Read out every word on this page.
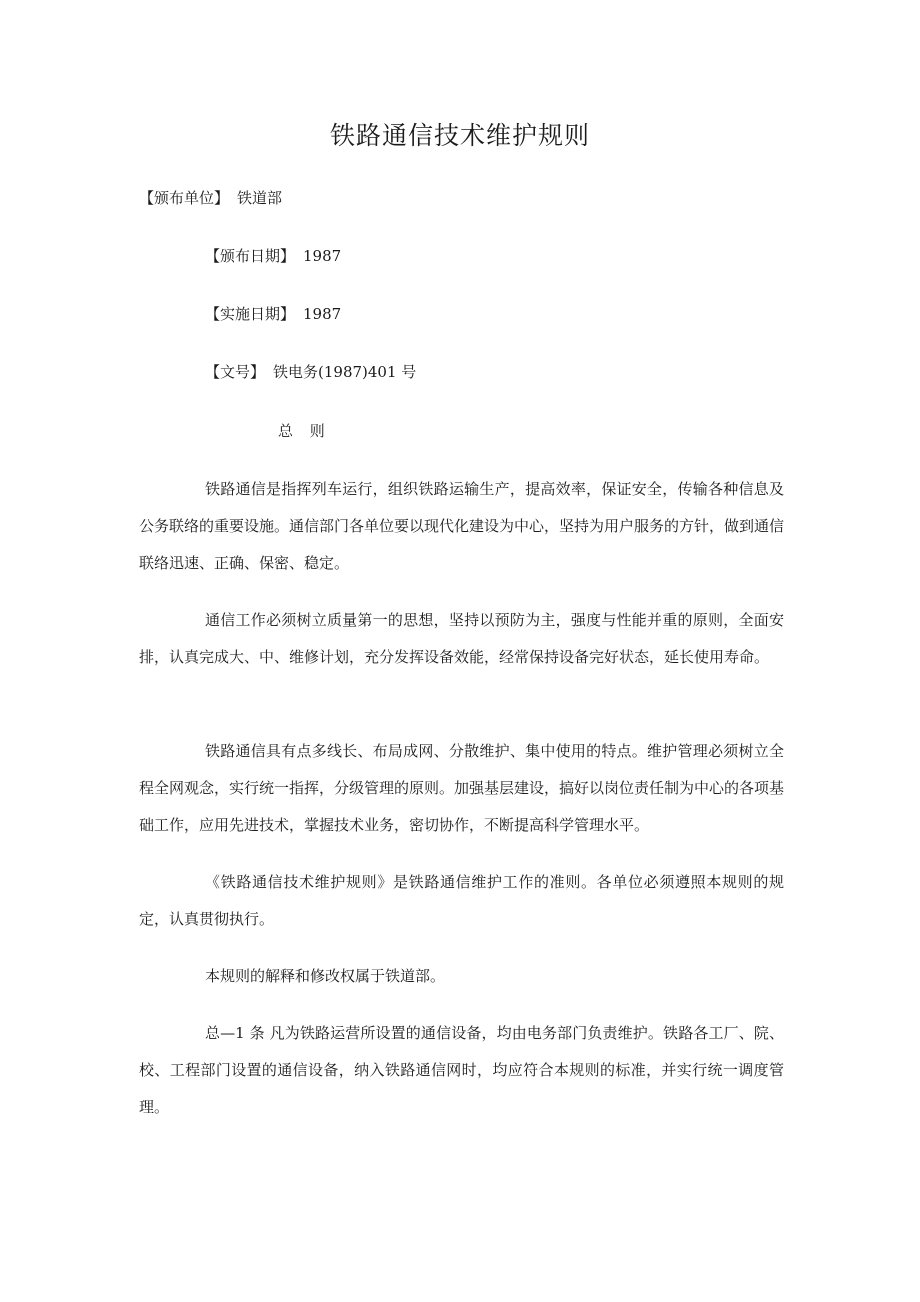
铁路通信技术维护规则
【颁布单位】 铁道部
【颁布日期】 1987
【实施日期】 1987
【文号】 铁电务(1987)401 号
总 则

铁路通信是指挥列车运行，组织铁路运输生产，提高效率，保证安全，传输各种信息及公务联络的重要设施。通信部门各单位要以现代化建设为中心，坚持为用户服务的方针，做到通信联络迅速、正确、保密、稳定。

通信工作必须树立质量第一的思想，坚持以预防为主，强度与性能并重的原则，全面安排，认真完成大、中、维修计划，充分发挥设备效能，经常保持设备完好状态，延长使用寿命。

铁路通信具有点多线长、布局成网、分散维护、集中使用的特点。维护管理必须树立全程全网观念，实行统一指挥，分级管理的原则。加强基层建设，搞好以岗位责任制为中心的各项基础工作，应用先进技术，掌握技术业务，密切协作，不断提高科学管理水平。

《铁路通信技术维护规则》是铁路通信维护工作的准则。各单位必须遵照本规则的规定，认真贯彻执行。

本规则的解释和修改权属于铁道部。

总—1 条 凡为铁路运营所设置的通信设备，均由电务部门负责维护。铁路各工厂、院、校、工程部门设置的通信设备，纳入铁路通信网时，均应符合本规则的标准，并实行统一调度管理。
